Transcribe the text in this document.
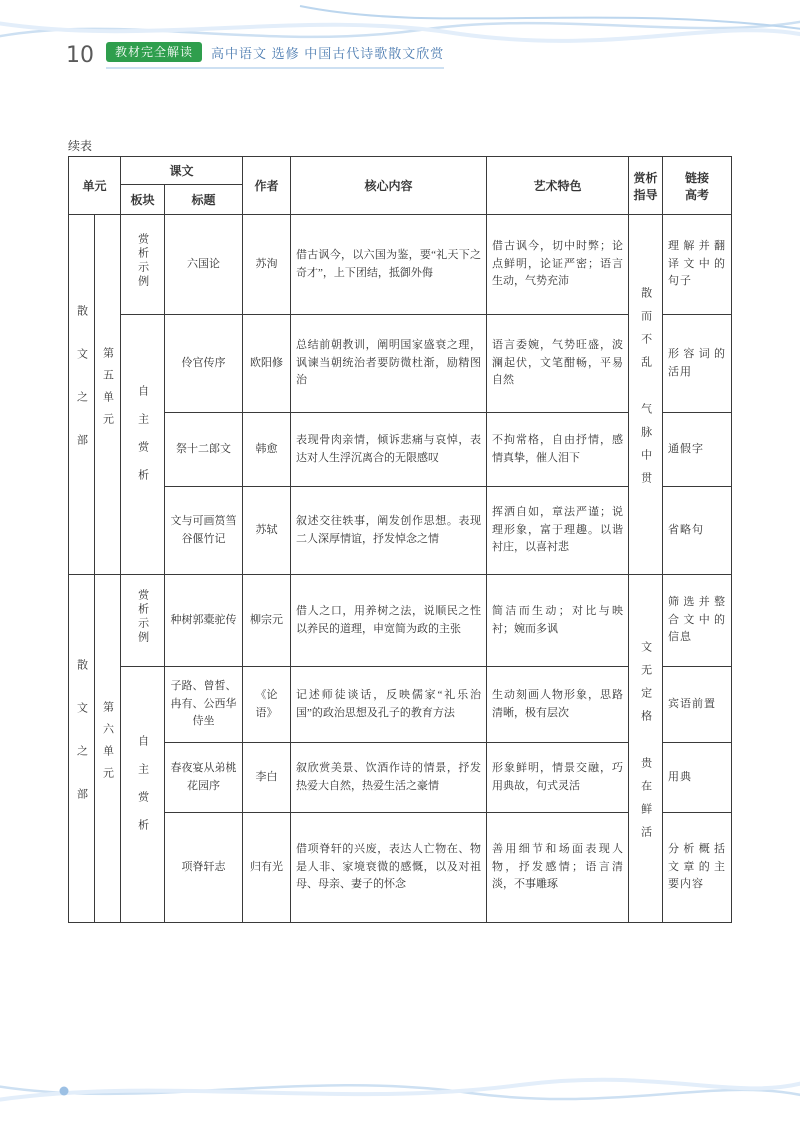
10	教材完全解读	高中语文 选修 中国古代诗歌散文欣赏
续表
单元		课文		作者	核心内容	艺术特色	赏析指导	链接高考
		板块	标题					
散文之部	第五单元	赏析示例	六国论	苏洵	借古讽今，以六国为鉴，要“礼天下之奇才”，上下团结，抵御外侮	借古讽今，切中时弊；论点鲜明，论证严密；语言生动，气势充沛	散而不乱 气脉中贯	理解并翻译文中的句子
		自主赏析	伶官传序	欧阳修	总结前朝教训，阐明国家盛衰之理，讽谏当朝统治者要防微杜渐，励精图治	语言委婉，气势旺盛，波澜起伏，文笔酣畅，平易自然		形容词的活用
			祭十二郎文	韩愈	表现骨肉亲情，倾诉悲痛与哀悼，表达对人生浮沉离合的无限感叹	不拘常格，自由抒情，感情真挚，催人泪下		通假字
			文与可画筼筜谷偃竹记	苏轼	叙述交往轶事，阐发创作思想。表现二人深厚情谊，抒发悼念之情	挥洒自如，章法严谨；说理形象，富于理趣。以谐衬庄，以喜衬悲		省略句
散文之部	第六单元	赏析示例	种树郭橐驼传	柳宗元	借人之口，用养树之法，说顺民之性以养民的道理，申宽简为政的主张	简洁而生动；对比与映衬；婉而多讽	文无定格 贵在鲜活	筛选并整合文中的信息
		自主赏析	子路、曾皙、冉有、公西华侍坐	《论语》	记述师徒谈话，反映儒家“礼乐治国”的政治思想及孔子的教育方法	生动刻画人物形象，思路清晰，极有层次		宾语前置
			春夜宴从弟桃花园序	李白	叙欣赏美景、饮酒作诗的情景，抒发热爱大自然，热爱生活之豪情	形象鲜明，情景交融，巧用典故，句式灵活		用典
			项脊轩志	归有光	借项脊轩的兴废，表达人亡物在、物是人非、家境衰微的感慨，以及对祖母、母亲、妻子的怀念	善用细节和场面表现人物，抒发感情；语言清淡，不事雕琢		分析概括文章的主要内容
